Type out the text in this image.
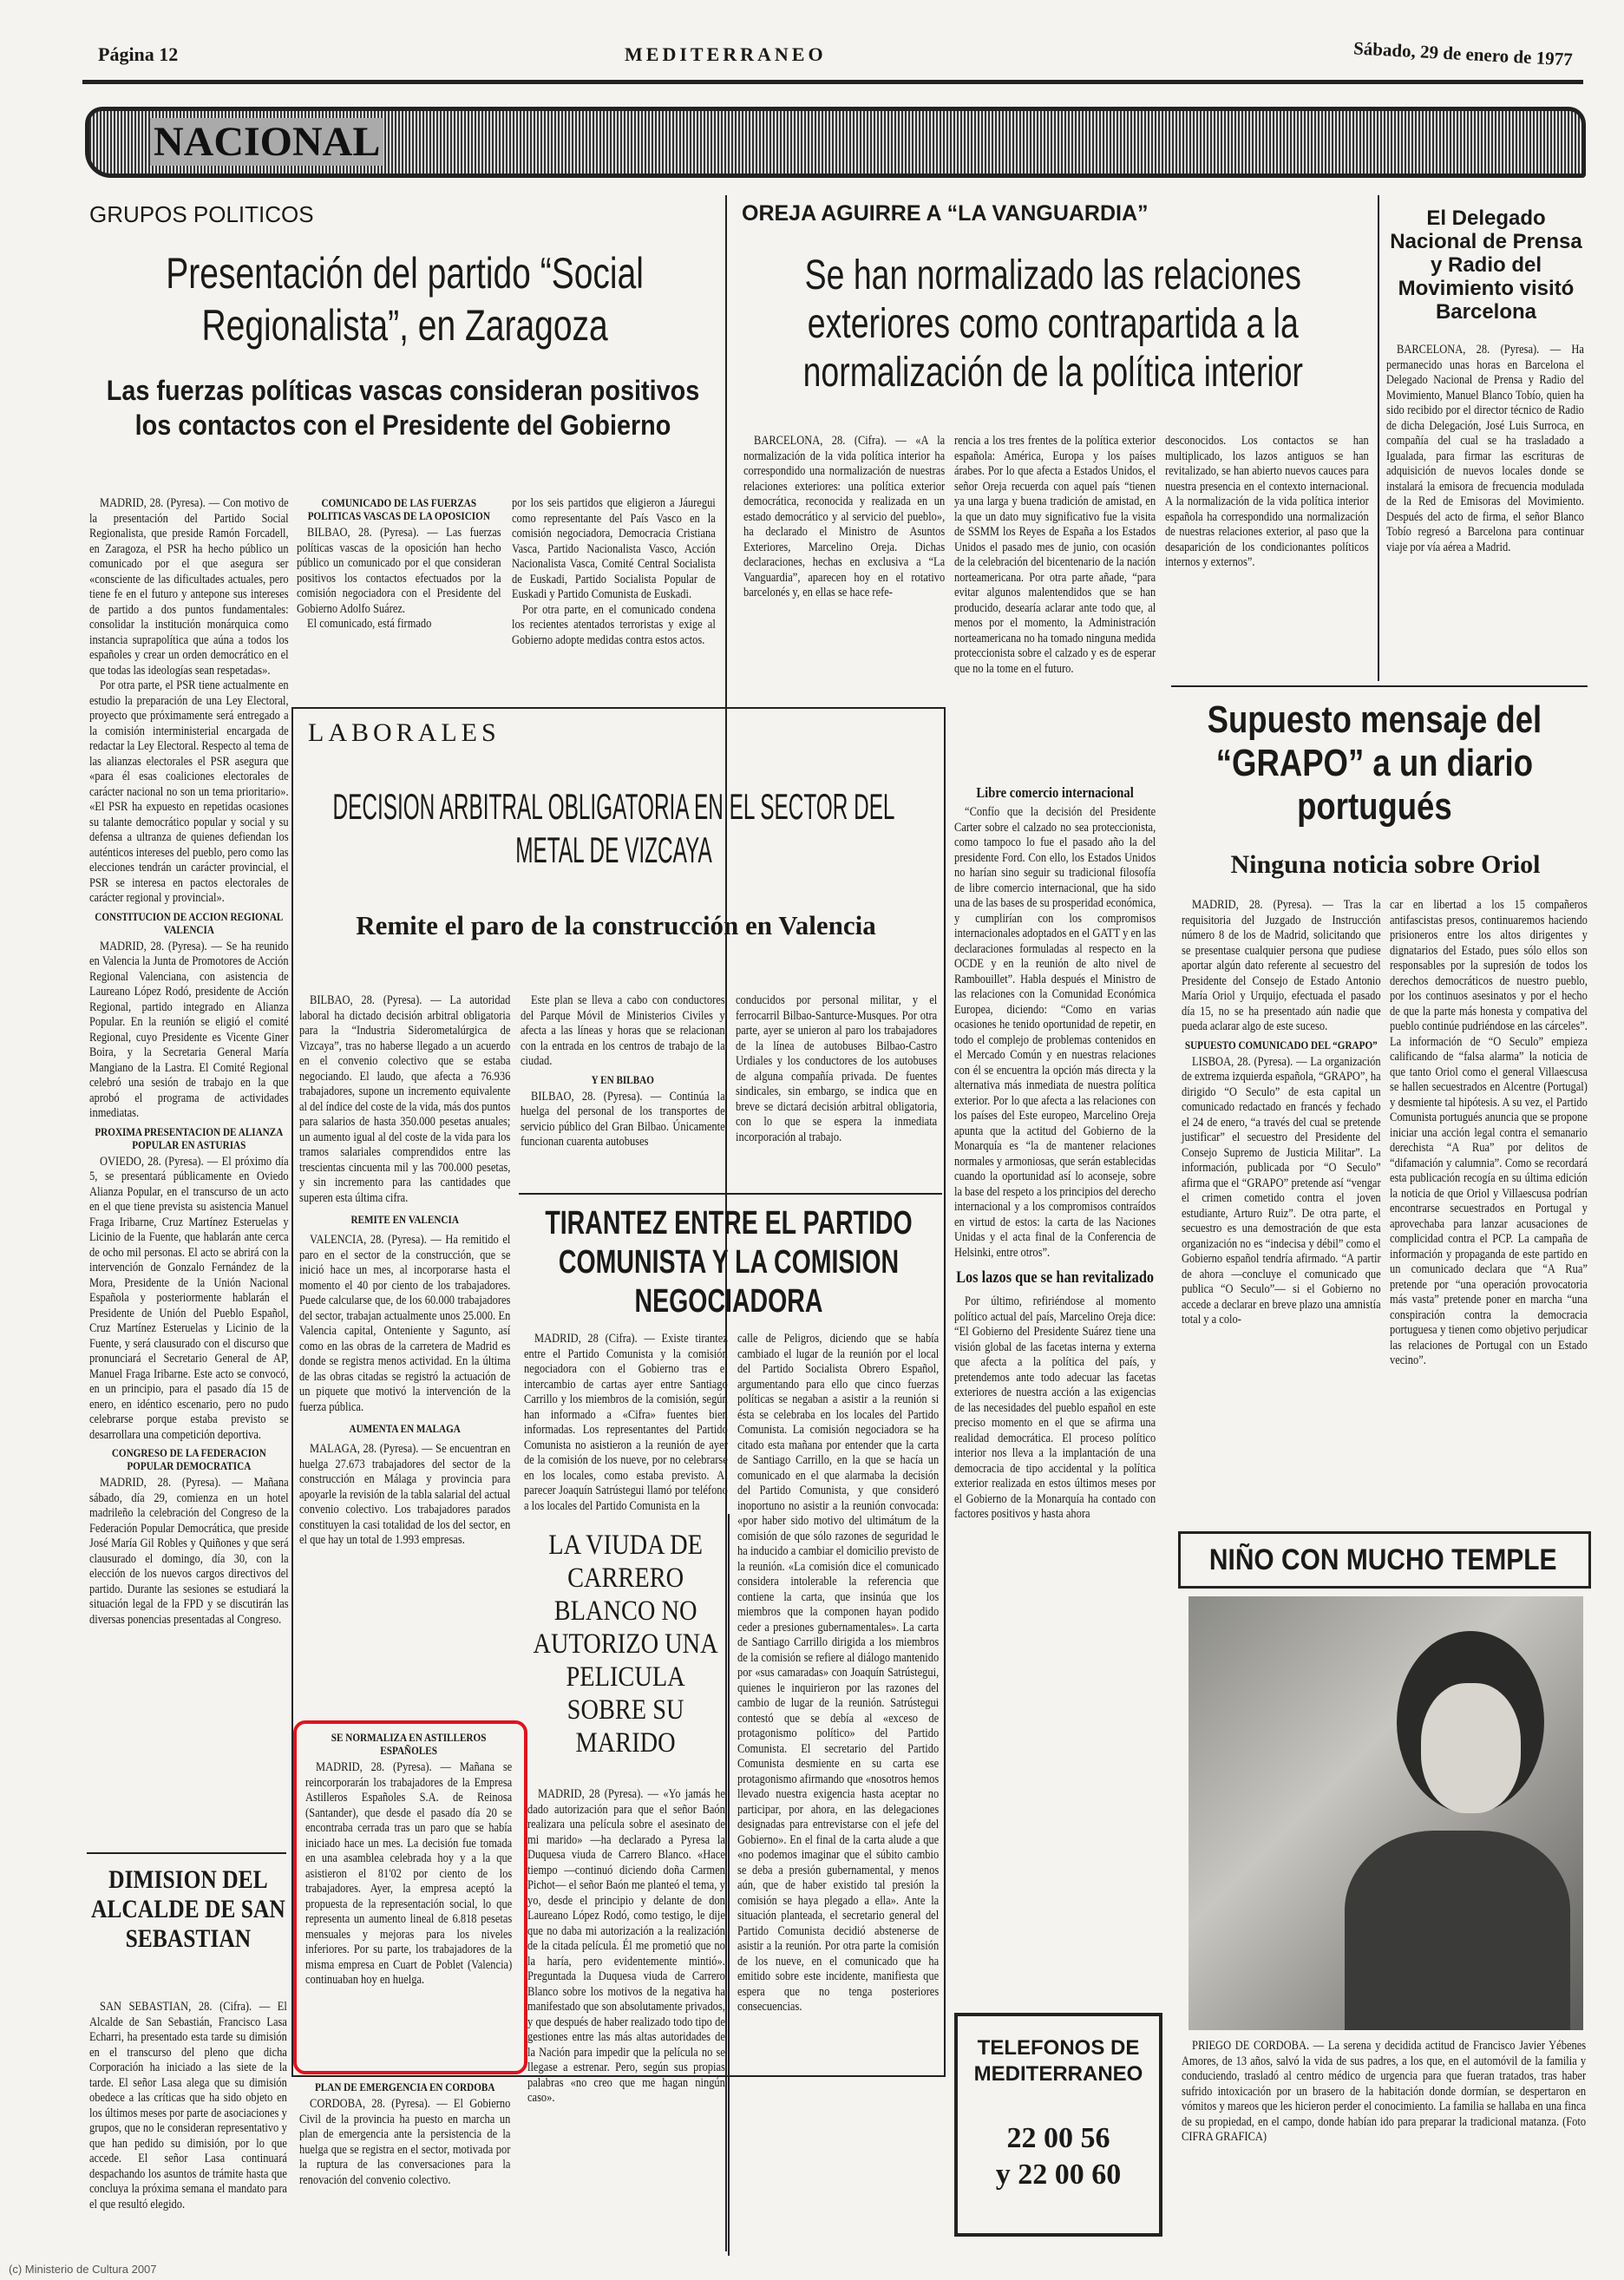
Página 12	MEDITERRANEO	Sábado, 29 de enero de 1977
NACIONAL
GRUPOS POLITICOS
Presentación del partido “Social Regionalista”, en Zaragoza
Las fuerzas políticas vascas consideran positivos los contactos con el Presidente del Gobierno

MADRID, 28. (Pyresa). — Con motivo de la presentación del Partido Social Regionalista, que preside Ramón Forcadell, en Zaragoza, el PSR ha hecho público un comunicado por el que asegura ser «consciente de las dificultades actuales, pero tiene fe en el futuro y antepone sus intereses de partido a dos puntos fundamentales: consolidar la institución monárquica como instancia suprapolítica que aúna a todos los españoles y crear un orden democrático en el que todas las ideologías sean respetadas».

Por otra parte, el PSR tiene actualmente en estudio la preparación de una Ley Electoral, proyecto que próximamente será entregado a la comisión interministerial encargada de redactar la Ley Electoral. Respecto al tema de las alianzas electorales el PSR asegura que «para él esas coaliciones electorales de carácter nacional no son un tema prioritario». «El PSR ha expuesto en repetidas ocasiones su talante democrático popular y social y su defensa a ultranza de quienes defiendan los auténticos intereses del pueblo, pero como las elecciones tendrán un carácter provincial, el PSR se interesa en pactos electorales de carácter regional y provincial».

CONSTITUCION DE ACCION REGIONAL VALENCIA

MADRID, 28. (Pyresa). — Se ha reunido en Valencia la Junta de Promotores de Acción Regional Valenciana, con asistencia de Laureano López Rodó, presidente de Acción Regional, partido integrado en Alianza Popular. En la reunión se eligió el comité Regional, cuyo Presidente es Vicente Giner Boira, y la Secretaria General María Mangiano de la Lastra. El Comité Regional celebró una sesión de trabajo en la que aprobó el programa de actividades inmediatas.

PROXIMA PRESENTACION DE ALIANZA POPULAR EN ASTURIAS

OVIEDO, 28. (Pyresa). — El próximo día 5, se presentará públicamente en Oviedo Alianza Popular, en el transcurso de un acto en el que tiene prevista su asistencia Manuel Fraga Iribarne, Cruz Martínez Esteruelas y Licinio de la Fuente, que hablarán ante cerca de ocho mil personas. El acto se abrirá con la intervención de Gonzalo Fernández de la Mora, Presidente de la Unión Nacional Española y posteriormente hablarán el Presidente de Unión del Pueblo Español, Cruz Martínez Esteruelas y Licinio de la Fuente, y será clausurado con el discurso que pronunciará el Secretario General de AP, Manuel Fraga Iribarne. Este acto se convocó, en un principio, para el pasado día 15 de enero, en idéntico escenario, pero no pudo celebrarse porque estaba previsto se desarrollara una competición deportiva.

CONGRESO DE LA FEDERACION POPULAR DEMOCRATICA

MADRID, 28. (Pyresa). — Mañana sábado, día 29, comienza en un hotel madrileño la celebración del Congreso de la Federación Popular Democrática, que preside José María Gil Robles y Quiñones y que será clausurado el domingo, día 30, con la elección de los nuevos cargos directivos del partido. Durante las sesiones se estudiará la situación legal de la FPD y se discutirán las diversas ponencias presentadas al Congreso.

COMUNICADO DE LAS FUERZAS POLITICAS VASCAS DE LA OPOSICION

BILBAO, 28. (Pyresa). — Las fuerzas políticas vascas de la oposición han hecho público un comunicado por el que consideran positivos los contactos efectuados por la comisión negociadora con el Presidente del Gobierno Adolfo Suárez.

El comunicado, está firmado

por los seis partidos que eligieron a Jáuregui como representante del País Vasco en la comisión negociadora, Democracia Cristiana Vasca, Partido Nacionalista Vasco, Acción Nacionalista Vasca, Comité Central Socialista de Euskadi, Partido Socialista Popular de Euskadi y Partido Comunista de Euskadi.

Por otra parte, en el comunicado condena los recientes atentados terroristas y exige al Gobierno adopte medidas contra estos actos.

DIMISION DEL ALCALDE DE SAN SEBASTIAN

SAN SEBASTIAN, 28. (Cifra). — El Alcalde de San Sebastián, Francisco Lasa Echarri, ha presentado esta tarde su dimisión en el transcurso del pleno que dicha Corporación ha iniciado a las siete de la tarde. El señor Lasa alega que su dimisión obedece a las críticas que ha sido objeto en los últimos meses por parte de asociaciones y grupos, que no le consideran representativo y que han pedido su dimisión, por lo que accede. El señor Lasa continuará despachando los asuntos de trámite hasta que concluya la próxima semana el mandato para el que resultó elegido.

OREJA AGUIRRE A “LA VANGUARDIA”
Se han normalizado las relaciones exteriores como contrapartida a la normalización de la política interior

BARCELONA, 28. (Cifra). — «A la normalización de la vida política interior ha correspondido una normalización de nuestras relaciones exteriores: una política exterior democrática, reconocida y realizada en un estado democrático y al servicio del pueblo», ha declarado el Ministro de Asuntos Exteriores, Marcelino Oreja. Dichas declaraciones, hechas en exclusiva a “La Vanguardia”, aparecen hoy en el rotativo barcelonés y, en ellas se hace refe-

rencia a los tres frentes de la política exterior española: América, Europa y los países árabes. Por lo que afecta a Estados Unidos, el señor Oreja recuerda con aquel país “tienen ya una larga y buena tradición de amistad, en la que un dato muy significativo fue la visita de SSMM los Reyes de España a los Estados Unidos el pasado mes de junio, con ocasión de la celebración del bicentenario de la nación norteamericana. Por otra parte añade, “para evitar algunos malentendidos que se han producido, desearía aclarar ante todo que, al menos por el momento, la Administración norteamericana no ha tomado ninguna medida proteccionista sobre el calzado y es de esperar que no la tome en el futuro.

desconocidos. Los contactos se han multiplicado, los lazos antiguos se han revitalizado, se han abierto nuevos cauces para nuestra presencia en el contexto internacional. A la normalización de la vida política interior española ha correspondido una normalización de nuestras relaciones exterior, al paso que la desaparición de los condicionantes políticos internos y externos”.

Libre comercio internacional

“Confío que la decisión del Presidente Carter sobre el calzado no sea proteccionista, como tampoco lo fue el pasado año la del presidente Ford. Con ello, los Estados Unidos no harían sino seguir su tradicional filosofía de libre comercio internacional, que ha sido una de las bases de su prosperidad económica, y cumplirían con los compromisos internacionales adoptados en el GATT y en las declaraciones formuladas al respecto en la OCDE y en la reunión de alto nivel de Rambouillet”. Habla después el Ministro de las relaciones con la Comunidad Económica Europea, diciendo: “Como en varias ocasiones he tenido oportunidad de repetir, en todo el complejo de problemas contenidos en el Mercado Común y en nuestras relaciones con él se encuentra la opción más directa y la alternativa más inmediata de nuestra política exterior. Por lo que afecta a las relaciones con los países del Este europeo, Marcelino Oreja apunta que la actitud del Gobierno de la Monarquía es “la de mantener relaciones normales y armoniosas, que serán establecidas cuando la oportunidad así lo aconseje, sobre la base del respeto a los principios del derecho internacional y a los compromisos contraídos en virtud de estos: la carta de las Naciones Unidas y el acta final de la Conferencia de Helsinki, entre otros”.

Los lazos que se han revitalizado

Por último, refiriéndose al momento político actual del país, Marcelino Oreja dice: “El Gobierno del Presidente Suárez tiene una visión global de las facetas interna y externa que afecta a la política del país, y pretendemos ante todo adecuar las facetas exteriores de nuestra acción a las exigencias de las necesidades del pueblo español en este preciso momento en el que se afirma una realidad democrática. El proceso político interior nos lleva a la implantación de una democracia de tipo accidental y la política exterior realizada en estos últimos meses por el Gobierno de la Monarquía ha contado con factores positivos y hasta ahora

El Delegado Nacional de Prensa y Radio del Movimiento visitó Barcelona

BARCELONA, 28. (Pyresa). — Ha permanecido unas horas en Barcelona el Delegado Nacional de Prensa y Radio del Movimiento, Manuel Blanco Tobío, quien ha sido recibido por el director técnico de Radio de dicha Delegación, José Luis Surroca, en compañía del cual se ha trasladado a Igualada, para firmar las escrituras de adquisición de nuevos locales donde se instalará la emisora de frecuencia modulada de la Red de Emisoras del Movimiento. Después del acto de firma, el señor Blanco Tobío regresó a Barcelona para continuar viaje por vía aérea a Madrid.

Supuesto mensaje del “GRAPO” a un diario portugués
Ninguna noticia sobre Oriol

MADRID, 28. (Pyresa). — Tras la requisitoria del Juzgado de Instrucción número 8 de los de Madrid, solicitando que se presentase cualquier persona que pudiese aportar algún dato referente al secuestro del Presidente del Consejo de Estado Antonio María Oriol y Urquijo, efectuada el pasado día 15, no se ha presentado aún nadie que pueda aclarar algo de este suceso.

SUPUESTO COMUNICADO DEL “GRAPO”

LISBOA, 28. (Pyresa). — La organización de extrema izquierda española, “GRAPO”, ha dirigido “O Seculo” de esta capital un comunicado redactado en francés y fechado el 24 de enero, “a través del cual se pretende justificar” el secuestro del Presidente del Consejo Supremo de Justicia Militar”. La información, publicada por “O Seculo” afirma que el “GRAPO” pretende así “vengar el crimen cometido contra el joven estudiante, Arturo Ruiz”. De otra parte, el secuestro es una demostración de que esta organización no es “indecisa y débil” como el Gobierno español tendría afirmado. “A partir de ahora —concluye el comunicado que publica “O Seculo”— si el Gobierno no accede a declarar en breve plazo una amnistía total y a colo-

car en libertad a los 15 compañeros antifascistas presos, continuaremos haciendo prisioneros entre los altos dirigentes y dignatarios del Estado, pues sólo ellos son responsables por la supresión de todos los derechos democráticos de nuestro pueblo, por los continuos asesinatos y por el hecho de que la parte más honesta y compativa del pueblo continúe pudriéndose en las cárceles”. La información de “O Seculo” empieza calificando de “falsa alarma” la noticia de que tanto Oriol como el general Villaescusa se hallen secuestrados en Alcentre (Portugal) y desmiente tal hipótesis. A su vez, el Partido Comunista portugués anuncia que se propone iniciar una acción legal contra el semanario derechista “A Rua” por delitos de “difamación y calumnia”. Como se recordará esta publicación recogía en su última edición la noticia de que Oriol y Villaescusa podrían encontrarse secuestrados en Portugal y aprovechaba para lanzar acusaciones de complicidad contra el PCP. La campaña de información y propaganda de este partido en un comunicado declara que “A Rua” pretende por “una operación provocatoria más vasta” pretende poner en marcha “una conspiración contra la democracia portuguesa y tienen como objetivo perjudicar las relaciones de Portugal con un Estado vecino”.

NIÑO CON MUCHO TEMPLE

PRIEGO DE CORDOBA. — La serena y decidida actitud de Francisco Javier Yébenes Amores, de 13 años, salvó la vida de sus padres, a los que, en el automóvil de la familia y conduciendo, trasladó al centro médico de urgencia para que fueran tratados, tras haber sufrido intoxicación por un brasero de la habitación donde dormían, se despertaron en vómitos y mareos que les hicieron perder el conocimiento. La familia se hallaba en una finca de su propiedad, en el campo, donde habían ido para preparar la tradicional matanza. (Foto CIFRA GRAFICA)

LABORALES
DECISION ARBITRAL OBLIGATORIA EN EL SECTOR DEL METAL DE VIZCAYA
Remite el paro de la construcción en Valencia

BILBAO, 28. (Pyresa). — La autoridad laboral ha dictado decisión arbitral obligatoria para la “Industria Siderometalúrgica de Vizcaya”, tras no haberse llegado a un acuerdo en el convenio colectivo que se estaba negociando. El laudo, que afecta a 76.936 trabajadores, supone un incremento equivalente al del índice del coste de la vida, más dos puntos para salarios de hasta 350.000 pesetas anuales; un aumento igual al del coste de la vida para los tramos salariales comprendidos entre las trescientas cincuenta mil y las 700.000 pesetas, y sin incremento para las cantidades que superen esta última cifra.

REMITE EN VALENCIA

VALENCIA, 28. (Pyresa). — Ha remitido el paro en el sector de la construcción, que se inició hace un mes, al incorporarse hasta el momento el 40 por ciento de los trabajadores. Puede calcularse que, de los 60.000 trabajadores del sector, trabajan actualmente unos 25.000. En Valencia capital, Onteniente y Sagunto, así como en las obras de la carretera de Madrid es donde se registra menos actividad. En la última de las obras citadas se registró la actuación de un piquete que motivó la intervención de la fuerza pública.

AUMENTA EN MALAGA

MALAGA, 28. (Pyresa). — Se encuentran en huelga 27.673 trabajadores del sector de la construcción en Málaga y provincia para apoyarle la revisión de la tabla salarial del actual convenio colectivo. Los trabajadores parados constituyen la casi totalidad de los del sector, en el que hay un total de 1.993 empresas.

SE NORMALIZA EN ASTILLEROS ESPAÑOLES

MADRID, 28. (Pyresa). — Mañana se reincorporarán los trabajadores de la Empresa Astilleros Españoles S.A. de Reinosa (Santander), que desde el pasado día 20 se encontraba cerrada tras un paro que se había iniciado hace un mes. La decisión fue tomada en una asamblea celebrada hoy y a la que asistieron el 81'02 por ciento de los trabajadores. Ayer, la empresa aceptó la propuesta de la representación social, lo que representa un aumento lineal de 6.818 pesetas mensuales y mejoras para los niveles inferiores. Por su parte, los trabajadores de la misma empresa en Cuart de Poblet (Valencia) continuaban hoy en huelga.

PLAN DE EMERGENCIA EN CORDOBA

CORDOBA, 28. (Pyresa). — El Gobierno Civil de la provincia ha puesto en marcha un plan de emergencia ante la persistencia de la huelga que se registra en el sector, motivada por la ruptura de las conversaciones para la renovación del convenio colectivo.

Este plan se lleva a cabo con conductores del Parque Móvil de Ministerios Civiles y afecta a las líneas y horas que se relacionan con la entrada en los centros de trabajo de la ciudad.

Y EN BILBAO

BILBAO, 28. (Pyresa). — Continúa la huelga del personal de los transportes de servicio público del Gran Bilbao. Únicamente funcionan cuarenta autobuses

conducidos por personal militar, y el ferrocarril Bilbao-Santurce-Musques. Por otra parte, ayer se unieron al paro los trabajadores de la línea de autobuses Bilbao-Castro Urdiales y los conductores de los autobuses de alguna compañía privada. De fuentes sindicales, sin embargo, se indica que en breve se dictará decisión arbitral obligatoria, con lo que se espera la inmediata incorporación al trabajo.

TIRANTEZ ENTRE EL PARTIDO COMUNISTA Y LA COMISION NEGOCIADORA

MADRID, 28 (Cifra). — Existe tirantez entre el Partido Comunista y la comisión negociadora con el Gobierno tras el intercambio de cartas ayer entre Santiago Carrillo y los miembros de la comisión, según han informado a «Cifra» fuentes bien informadas. Los representantes del Partido Comunista no asistieron a la reunión de ayer de la comisión de los nueve, por no celebrarse en los locales, como estaba previsto. Al parecer Joaquín Satrústegui llamó por teléfono a los locales del Partido Comunista en la

calle de Peligros, diciendo que se había cambiado el lugar de la reunión por el local del Partido Socialista Obrero Español, argumentando para ello que cinco fuerzas políticas se negaban a asistir a la reunión si ésta se celebraba en los locales del Partido Comunista. La comisión negociadora se ha citado esta mañana por entender que la carta de Santiago Carrillo, en la que se hacía un comunicado en el que alarmaba la decisión del Partido Comunista, y que consideró inoportuno no asistir a la reunión convocada: «por haber sido motivo del ultimátum de la comisión de que sólo razones de seguridad le ha inducido a cambiar el domicilio previsto de la reunión. «La comisión dice el comunicado considera intolerable la referencia que contiene la carta, que insinúa que los miembros que la componen hayan podido ceder a presiones gubernamentales». La carta de Santiago Carrillo dirigida a los miembros de la comisión se refiere al diálogo mantenido por «sus camaradas» con Joaquín Satrústegui, quienes le inquirieron por las razones del cambio de lugar de la reunión. Satrústegui contestó que se debía al «exceso de protagonismo político» del Partido Comunista. El secretario del Partido Comunista desmiente en su carta ese protagonismo afirmando que «nosotros hemos llevado nuestra exigencia hasta aceptar no participar, por ahora, en las delegaciones designadas para entrevistarse con el jefe del Gobierno». En el final de la carta alude a que «no podemos imaginar que el súbito cambio se deba a presión gubernamental, y menos aún, que de haber existido tal presión la comisión se haya plegado a ella». Ante la situación planteada, el secretario general del Partido Comunista decidió abstenerse de asistir a la reunión. Por otra parte la comisión de los nueve, en el comunicado que ha emitido sobre este incidente, manifiesta que espera que no tenga posteriores consecuencias.

LA VIUDA DE CARRERO BLANCO NO AUTORIZO UNA PELICULA SOBRE SU MARIDO

MADRID, 28 (Pyresa). — «Yo jamás he dado autorización para que el señor Baón realizara una película sobre el asesinato de mi marido» —ha declarado a Pyresa la Duquesa viuda de Carrero Blanco. «Hace tiempo —continuó diciendo doña Carmen Pichot— el señor Baón me planteó el tema, y yo, desde el principio y delante de don Laureano López Rodó, como testigo, le dije que no daba mi autorización a la realización de la citada película. Él me prometió que no la haría, pero evidentemente mintió». Preguntada la Duquesa viuda de Carrero Blanco sobre los motivos de la negativa ha manifestado que son absolutamente privados, y que después de haber realizado todo tipo de gestiones entre las más altas autoridades de la Nación para impedir que la película no se llegase a estrenar. Pero, según sus propias palabras «no creo que me hagan ningún caso».

TELEFONOS DE MEDITERRANEO
22 00 56
y 22 00 60
(c) Ministerio de Cultura 2007
